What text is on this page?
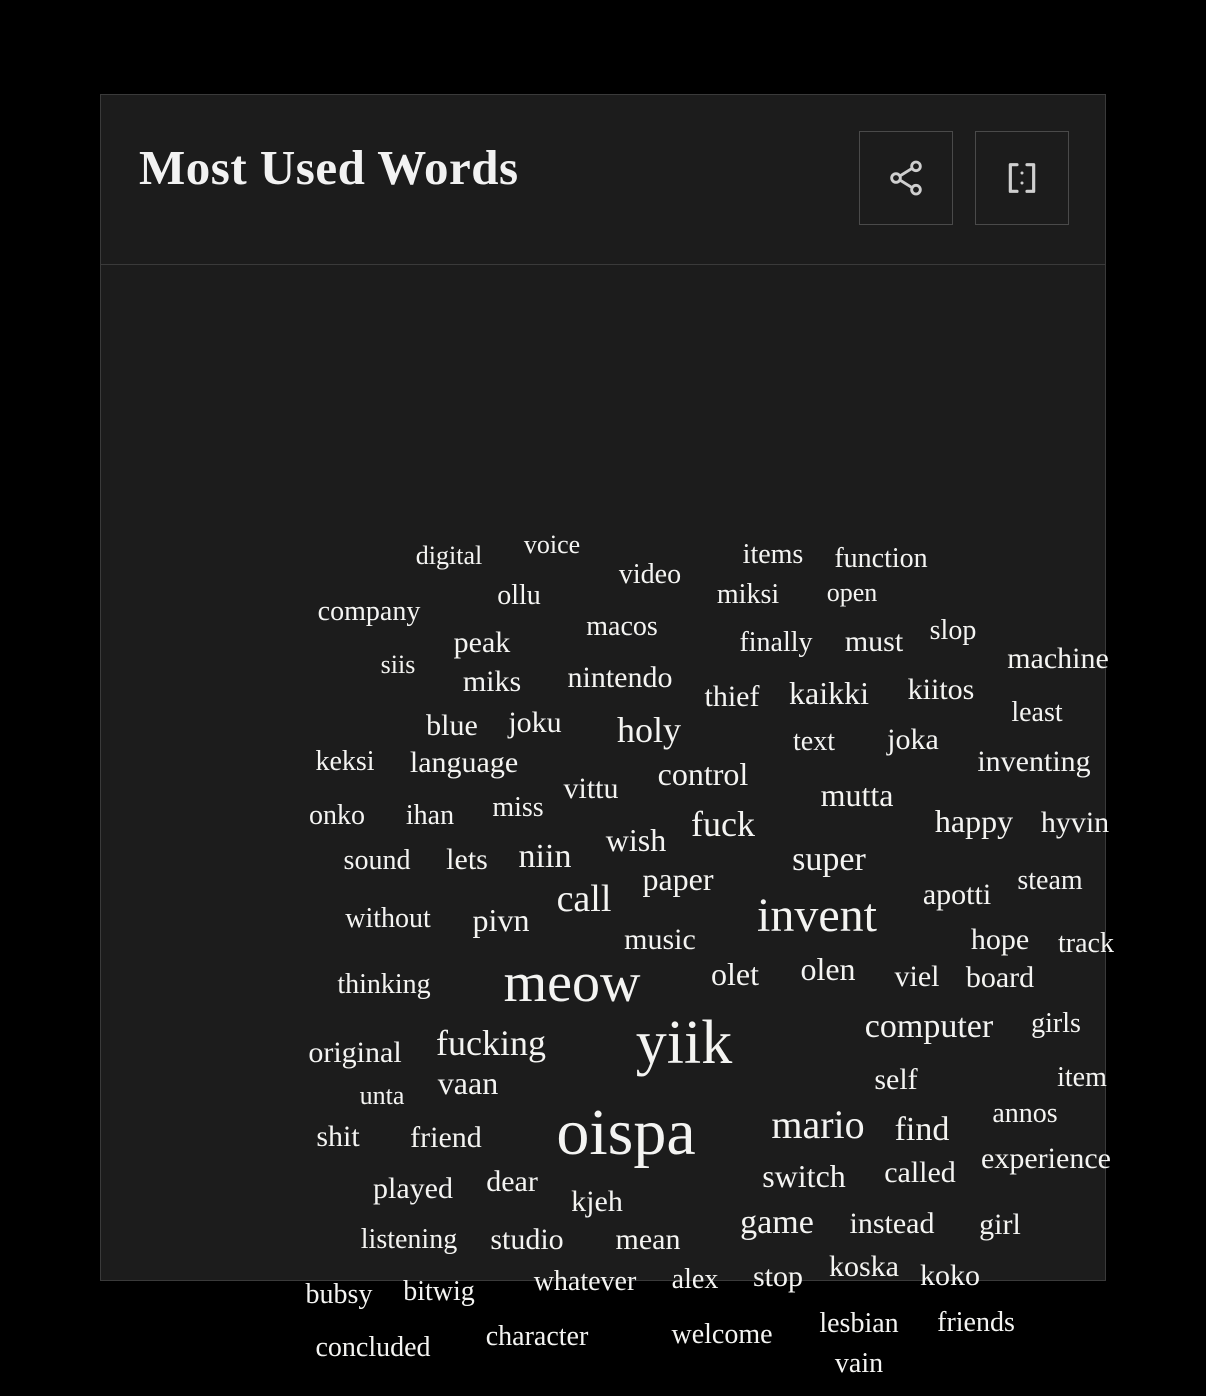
Most Used Words
digital voice
video
items function
company
ollu	miksi open
macos
peak	finally must slop
siis	machine
miks nintendo
thief kaikki kiitos
least
blue joku holy	text joka
keksi language	inventing
control
vittu	mutta
onko ihan miss	fuck	happy hyvin
wish
sound lets niin	super
paper
call	apotti steam
without pivn	invent
music	hope track
thinking meow olet olen viel board
fucking yiik	computer girls
original
self	item
unta vaan
oispa mario find annos
shit friend
experience
switch called
played dear
kjeh
game instead girl
listening studio mean
koska koko
bubsy bitwig whatever alex stop
lesbian friends
character	welcome
concluded
vain
